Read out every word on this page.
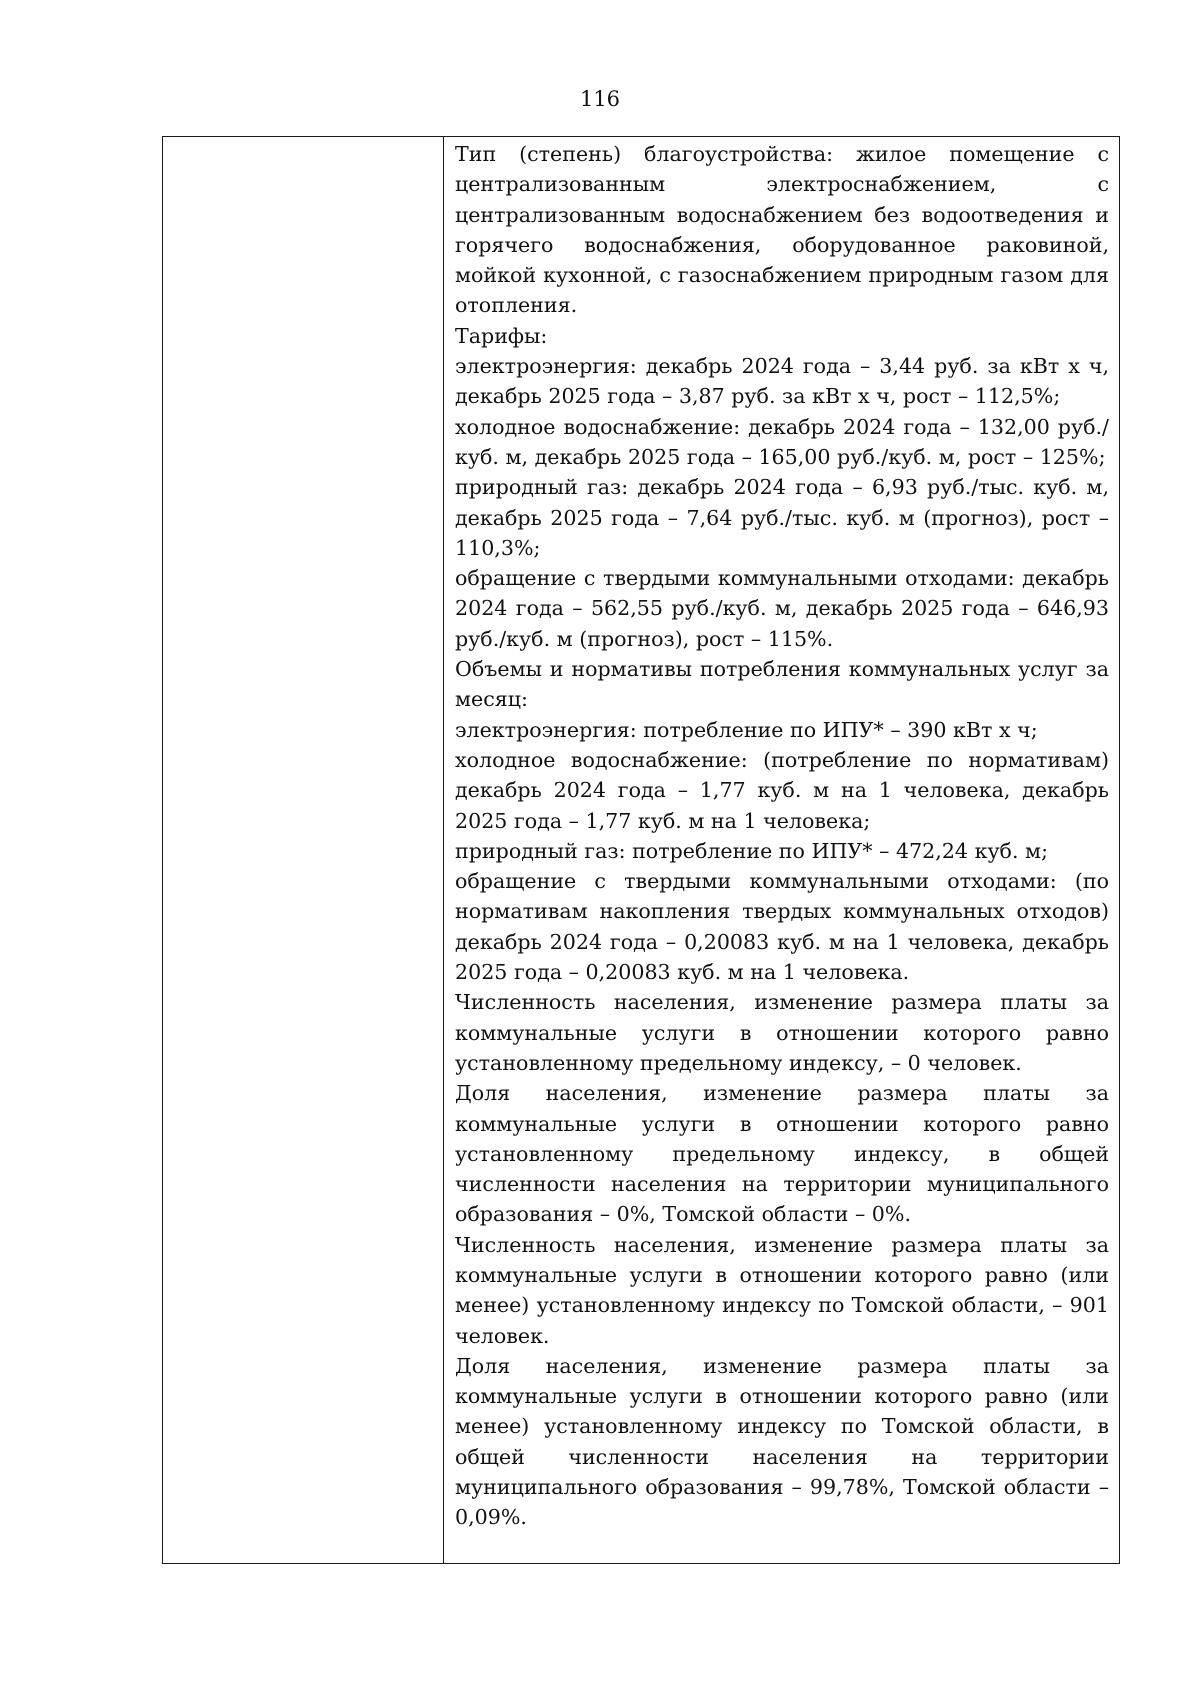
116

Тип (степень) благоустройства: жилое помещение с централизованным электроснабжением, с централизованным водоснабжением без водоотведения и горячего водоснабжения, оборудованное раковиной, мойкой кухонной, с газоснабжением природным газом для отопления.

Тарифы:

электроэнергия: декабрь 2024 года – 3,44 руб. за кВт х ч, декабрь 2025 года – 3,87 руб. за кВт х ч, рост – 112,5%;

холодное водоснабжение: декабрь 2024 года – 132,00 руб./куб. м, декабрь 2025 года – 165,00 руб./куб. м, рост – 125%;

природный газ: декабрь 2024 года – 6,93 руб./тыс. куб. м, декабрь 2025 года – 7,64 руб./тыс. куб. м (прогноз), рост – 110,3%;

обращение с твердыми коммунальными отходами: декабрь 2024 года – 562,55 руб./куб. м, декабрь 2025 года – 646,93 руб./куб. м (прогноз), рост – 115%.

Объемы и нормативы потребления коммунальных услуг за месяц:

электроэнергия: потребление по ИПУ* – 390 кВт х ч;

холодное водоснабжение: (потребление по нормативам) декабрь 2024 года – 1,77 куб. м на 1 человека, декабрь 2025 года – 1,77 куб. м на 1 человека;

природный газ: потребление по ИПУ* – 472,24 куб. м;

обращение с твердыми коммунальными отходами: (по нормативам накопления твердых коммунальных отходов) декабрь 2024 года – 0,20083 куб. м на 1 человека, декабрь 2025 года – 0,20083 куб. м на 1 человека.

Численность населения, изменение размера платы за коммунальные услуги в отношении которого равно установленному предельному индексу, – 0 человек.

Доля населения, изменение размера платы за коммунальные услуги в отношении которого равно установленному предельному индексу, в общей численности населения на территории муниципального образования – 0%, Томской области – 0%.

Численность населения, изменение размера платы за коммунальные услуги в отношении которого равно (или менее) установленному индексу по Томской области, – 901 человек.

Доля населения, изменение размера платы за коммунальные услуги в отношении которого равно (или менее) установленному индексу по Томской области, в общей численности населения на территории муниципального образования – 99,78%, Томской области – 0,09%.
